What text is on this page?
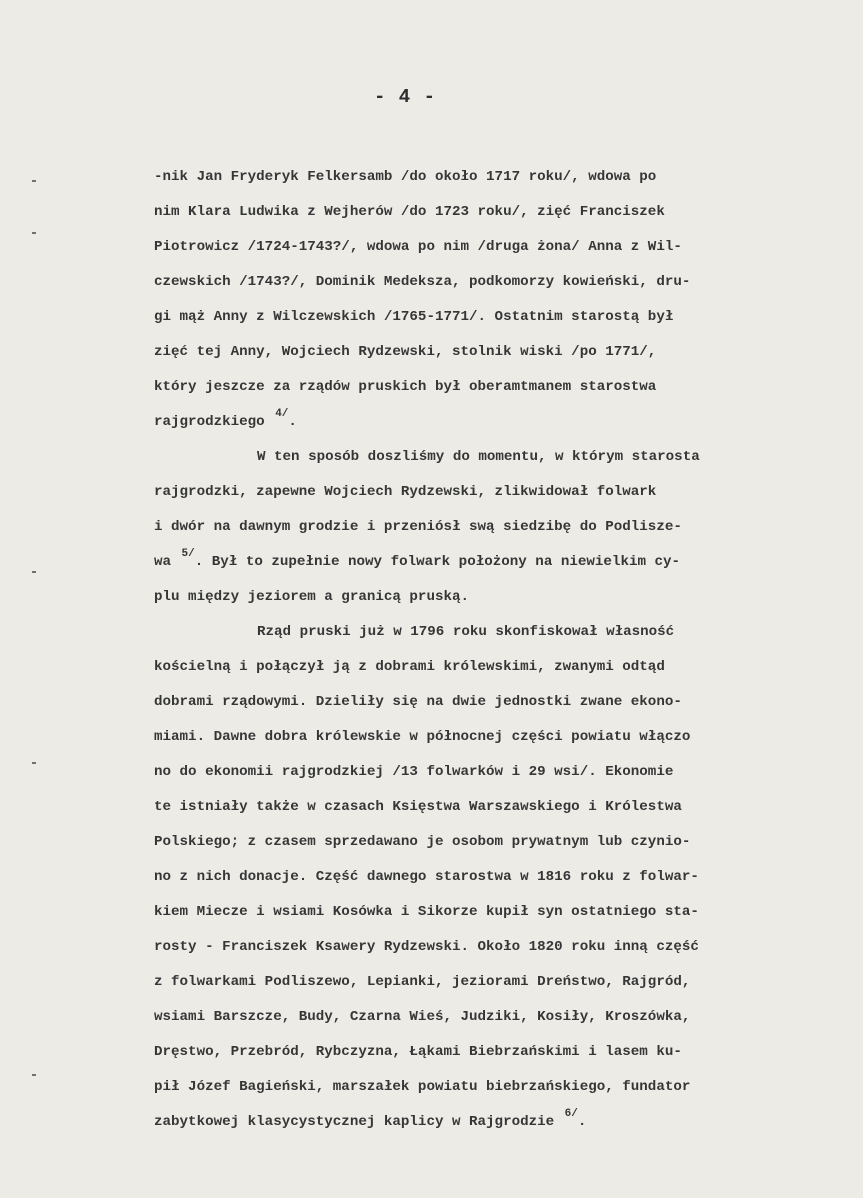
- 4 -
-nik Jan Fryderyk Felkersamb /do około 1717 roku/, wdowa po
nim Klara Ludwika z Wejherów /do 1723 roku/, zięć Franciszek
Piotrowicz /1724-1743?/, wdowa po nim /druga żona/ Anna z Wil-
czewskich /1743?/, Dominik Medeksza, podkomorzy kowieński, dru-
gi mąż Anny z Wilczewskich /1765-1771/. Ostatnim starostą był
zięć tej Anny, Wojciech Rydzewski, stolnik wiski /po 1771/,
który jeszcze za rządów pruskich był oberamtmanem starostwa
rajgrodzkiego $^{4/}$.
W ten sposób doszliśmy do momentu, w którym starosta
rajgrodzki, zapewne Wojciech Rydzewski, zlikwidował folwark
i dwór na dawnym grodzie i przeniósł swą siedzibę do Podlisze-
wa $^{5/}$. Był to zupełnie nowy folwark położony na niewielkim cy-
plu między jeziorem a granicą pruską.
Rząd pruski już w 1796 roku skonfiskował własność
kościelną i połączył ją z dobrami królewskimi, zwanymi odtąd
dobrami rządowymi. Dzieliły się na dwie jednostki zwane ekono-
miami. Dawne dobra królewskie w północnej części powiatu włączo
no do ekonomii rajgrodzkiej /13 folwarków i 29 wsi/. Ekonomie
te istniały także w czasach Księstwa Warszawskiego i Królestwa
Polskiego; z czasem sprzedawano je osobom prywatnym lub czynio-
no z nich donacje. Część dawnego starostwa w 1816 roku z folwar-
kiem Miecze i wsiami Kosówka i Sikorze kupił syn ostatniego sta-
rosty - Franciszek Ksawery Rydzewski. Około 1820 roku inną część
z folwarkami Podliszewo, Lepianki, jeziorami Dreństwo, Rajgród,
wsiami Barszcze, Budy, Czarna Wieś, Judziki, Kosiły, Kroszówka,
Dręstwo, Przebród, Rybczyzna, Łąkami Biebrzańskimi i lasem ku-
pił Józef Bagieński, marszałek powiatu biebrzańskiego, fundator
zabytkowej klasycystycznej kaplicy w Rajgrodzie $^{6/}$.
